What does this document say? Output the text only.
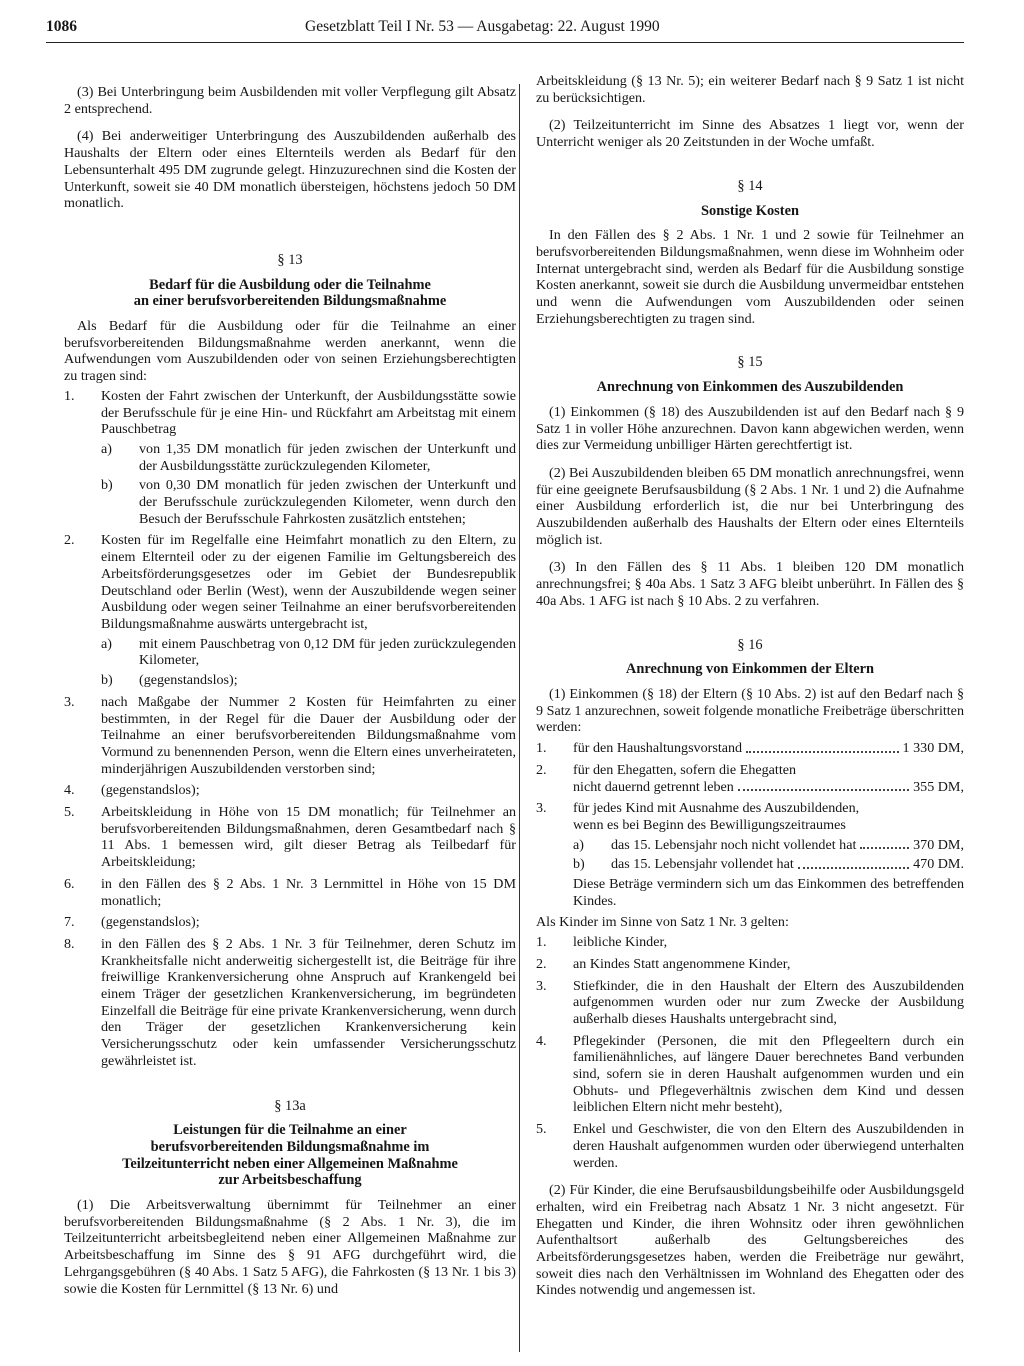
1086	Gesetzblatt Teil I Nr. 53 — Ausgabetag: 22. August 1990

(3) Bei Unterbringung beim Ausbildenden mit voller Verpflegung gilt Absatz 2 entsprechend.

(4) Bei anderweitiger Unterbringung des Auszubildenden außerhalb des Haushalts der Eltern oder eines Elternteils werden als Bedarf für den Lebensunterhalt 495 DM zugrunde gelegt. Hinzuzurechnen sind die Kosten der Unterkunft, soweit sie 40 DM monatlich übersteigen, höchstens jedoch 50 DM monatlich.

§ 13

Bedarf für die Ausbildung oder die Teilnahme

an einer berufsvorbereitenden Bildungsmaßnahme

Als Bedarf für die Ausbildung oder für die Teilnahme an einer berufsvorbereitenden Bildungsmaßnahme werden anerkannt, wenn die Aufwendungen vom Auszubildenden oder von seinen Erziehungsberechtigten zu tragen sind:

1. Kosten der Fahrt zwischen der Unterkunft, der Ausbildungsstätte sowie der Berufsschule für je eine Hin- und Rückfahrt am Arbeitstag mit einem Pauschbetrag
a) von 1,35 DM monatlich für jeden zwischen der Unterkunft und der Ausbildungsstätte zurückzulegenden Kilometer,
b) von 0,30 DM monatlich für jeden zwischen der Unterkunft und der Berufsschule zurückzulegenden Kilometer, wenn durch den Besuch der Berufsschule Fahrkosten zusätzlich entstehen;
2. Kosten für im Regelfalle eine Heimfahrt monatlich zu den Eltern, zu einem Elternteil oder zu der eigenen Familie im Geltungsbereich des Arbeitsförderungsgesetzes oder im Gebiet der Bundesrepublik Deutschland oder Berlin (West), wenn der Auszubildende wegen seiner Ausbildung oder wegen seiner Teilnahme an einer berufsvorbereitenden Bildungsmaßnahme auswärts untergebracht ist,
a) mit einem Pauschbetrag von 0,12 DM für jeden zurückzulegenden Kilometer,
b) (gegenstandslos);
3. nach Maßgabe der Nummer 2 Kosten für Heimfahrten zu einer bestimmten, in der Regel für die Dauer der Ausbildung oder der Teilnahme an einer berufsvorbereitenden Bildungsmaßnahme vom Vormund zu benennenden Person, wenn die Eltern eines unverheirateten, minderjährigen Auszubildenden verstorben sind;
4. (gegenstandslos);
5. Arbeitskleidung in Höhe von 15 DM monatlich; für Teilnehmer an berufsvorbereitenden Bildungsmaßnahmen, deren Gesamtbedarf nach § 11 Abs. 1 bemessen wird, gilt dieser Betrag als Teilbedarf für Arbeitskleidung;
6. in den Fällen des § 2 Abs. 1 Nr. 3 Lernmittel in Höhe von 15 DM monatlich;
7. (gegenstandslos);
8. in den Fällen des § 2 Abs. 1 Nr. 3 für Teilnehmer, deren Schutz im Krankheitsfalle nicht anderweitig sichergestellt ist, die Beiträge für ihre freiwillige Krankenversicherung ohne Anspruch auf Krankengeld bei einem Träger der gesetzlichen Krankenversicherung, im begründeten Einzelfall die Beiträge für eine private Krankenversicherung, wenn durch den Träger der gesetzlichen Krankenversicherung kein Versicherungsschutz oder kein umfassender Versicherungsschutz gewährleistet ist.

§ 13a

Leistungen für die Teilnahme an einer

berufsvorbereitenden Bildungsmaßnahme im

Teilzeitunterricht neben einer Allgemeinen Maßnahme

zur Arbeitsbeschaffung

(1) Die Arbeitsverwaltung übernimmt für Teilnehmer an einer berufsvorbereitenden Bildungsmaßnahme (§ 2 Abs. 1 Nr. 3), die im Teilzeitunterricht arbeitsbegleitend neben einer Allgemeinen Maßnahme zur Arbeitsbeschaffung im Sinne des § 91 AFG durchgeführt wird, die Lehrgangsgebühren (§ 40 Abs. 1 Satz 5 AFG), die Fahrkosten (§ 13 Nr. 1 bis 3) sowie die Kosten für Lernmittel (§ 13 Nr. 6) und

Arbeitskleidung (§ 13 Nr. 5); ein weiterer Bedarf nach § 9 Satz 1 ist nicht zu berücksichtigen.

(2) Teilzeitunterricht im Sinne des Absatzes 1 liegt vor, wenn der Unterricht weniger als 20 Zeitstunden in der Woche umfaßt.

§ 14

Sonstige Kosten

In den Fällen des § 2 Abs. 1 Nr. 1 und 2 sowie für Teilnehmer an berufsvorbereitenden Bildungsmaßnahmen, wenn diese im Wohnheim oder Internat untergebracht sind, werden als Bedarf für die Ausbildung sonstige Kosten anerkannt, soweit sie durch die Ausbildung unvermeidbar entstehen und wenn die Aufwendungen vom Auszubildenden oder seinen Erziehungsberechtigten zu tragen sind.

§ 15

Anrechnung von Einkommen des Auszubildenden

(1) Einkommen (§ 18) des Auszubildenden ist auf den Bedarf nach § 9 Satz 1 in voller Höhe anzurechnen. Davon kann abgewichen werden, wenn dies zur Vermeidung unbilliger Härten gerechtfertigt ist.

(2) Bei Auszubildenden bleiben 65 DM monatlich anrechnungsfrei, wenn für eine geeignete Berufsausbildung (§ 2 Abs. 1 Nr. 1 und 2) die Aufnahme einer Ausbildung erforderlich ist, die nur bei Unterbringung des Auszubildenden außerhalb des Haushalts der Eltern oder eines Elternteils möglich ist.

(3) In den Fällen des § 11 Abs. 1 bleiben 120 DM monatlich anrechnungsfrei; § 40a Abs. 1 Satz 3 AFG bleibt unberührt. In Fällen des § 40a Abs. 1 AFG ist nach § 10 Abs. 2 zu verfahren.

§ 16

Anrechnung von Einkommen der Eltern

(1) Einkommen (§ 18) der Eltern (§ 10 Abs. 2) ist auf den Bedarf nach § 9 Satz 1 anzurechnen, soweit folgende monatliche Freibeträge überschritten werden:

1. für den Haushaltungsvorstand	1 330 DM,
2. für den Ehegatten, sofern die Ehegatten
nicht dauernd getrennt leben	355 DM,
3. für jedes Kind mit Ausnahme des Auszubildenden,
wenn es bei Beginn des Bewilligungszeitraumes
a) das 15. Lebensjahr noch nicht vollendet hat	370 DM,
b) das 15. Lebensjahr vollendet hat	470 DM.
Diese Beträge vermindern sich um das Einkommen des betreffenden Kindes.

Als Kinder im Sinne von Satz 1 Nr. 3 gelten:

1. leibliche Kinder,
2. an Kindes Statt angenommene Kinder,
3. Stiefkinder, die in den Haushalt der Eltern des Auszubildenden aufgenommen wurden oder nur zum Zwecke der Ausbildung außerhalb dieses Haushalts untergebracht sind,
4. Pflegekinder (Personen, die mit den Pflegeeltern durch ein familienähnliches, auf längere Dauer berechnetes Band verbunden sind, sofern sie in deren Haushalt aufgenommen wurden und ein Obhuts- und Pflegeverhältnis zwischen dem Kind und dessen leiblichen Eltern nicht mehr besteht),
5. Enkel und Geschwister, die von den Eltern des Auszubildenden in deren Haushalt aufgenommen wurden oder überwiegend unterhalten werden.

(2) Für Kinder, die eine Berufsausbildungsbeihilfe oder Ausbildungsgeld erhalten, wird ein Freibetrag nach Absatz 1 Nr. 3 nicht angesetzt. Für Ehegatten und Kinder, die ihren Wohnsitz oder ihren gewöhnlichen Aufenthaltsort außerhalb des Geltungsbereiches des Arbeitsförderungsgesetzes haben, werden die Freibeträge nur gewährt, soweit dies nach den Verhältnissen im Wohnland des Ehegatten oder des Kindes notwendig und angemessen ist.
